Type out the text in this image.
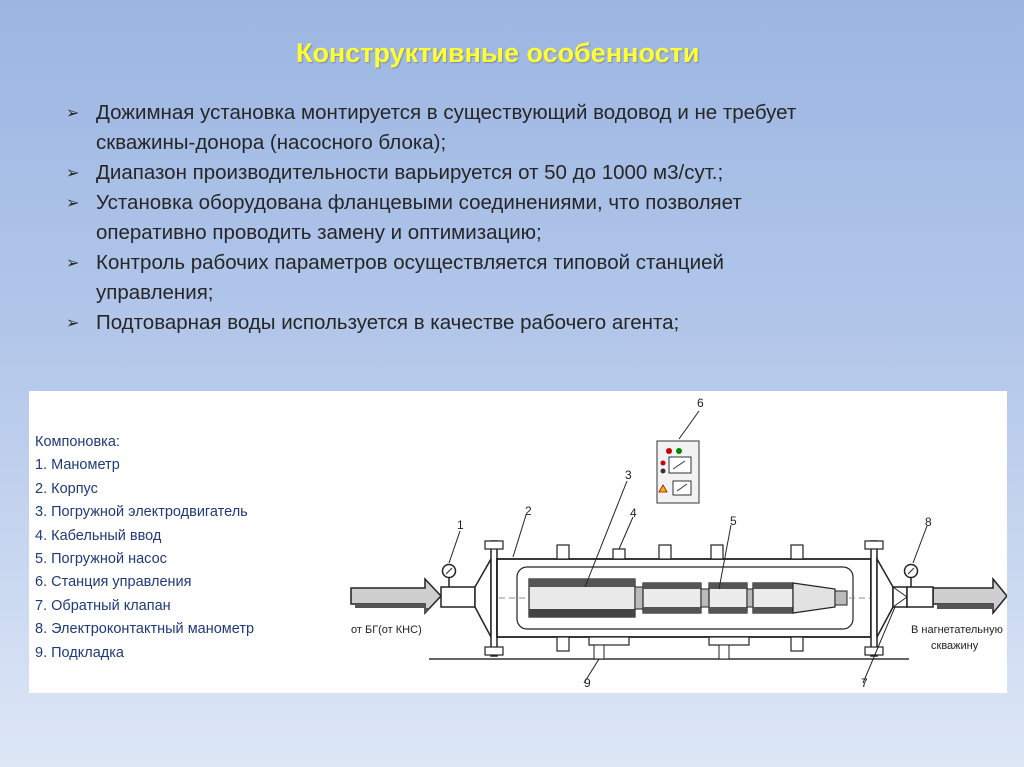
Конструктивные особенности
➢ Дожимная установка монтируется в существующий водовод и не требует
скважины-донора (насосного блока);
➢ Диапазон производительности варьируется от 50 до 1000 м3/сут.;
➢ Установка оборудована фланцевыми соединениями, что позволяет
оперативно проводить замену и оптимизацию;
➢ Контроль рабочих параметров осуществляется типовой станцией
управления;
➢ Подтоварная воды используется в качестве рабочего агента;
Компоновка:
1. Манометр
2. Корпус
3. Погружной электродвигатель
4. Кабельный ввод
5. Погружной насос
6. Станция управления
7. Обратный клапан
8. Электроконтактный манометр
9. Подкладка
1
2
3
4
5
6
7
8
9
от БГ(от КНС)	В нагнетательную
скважину
